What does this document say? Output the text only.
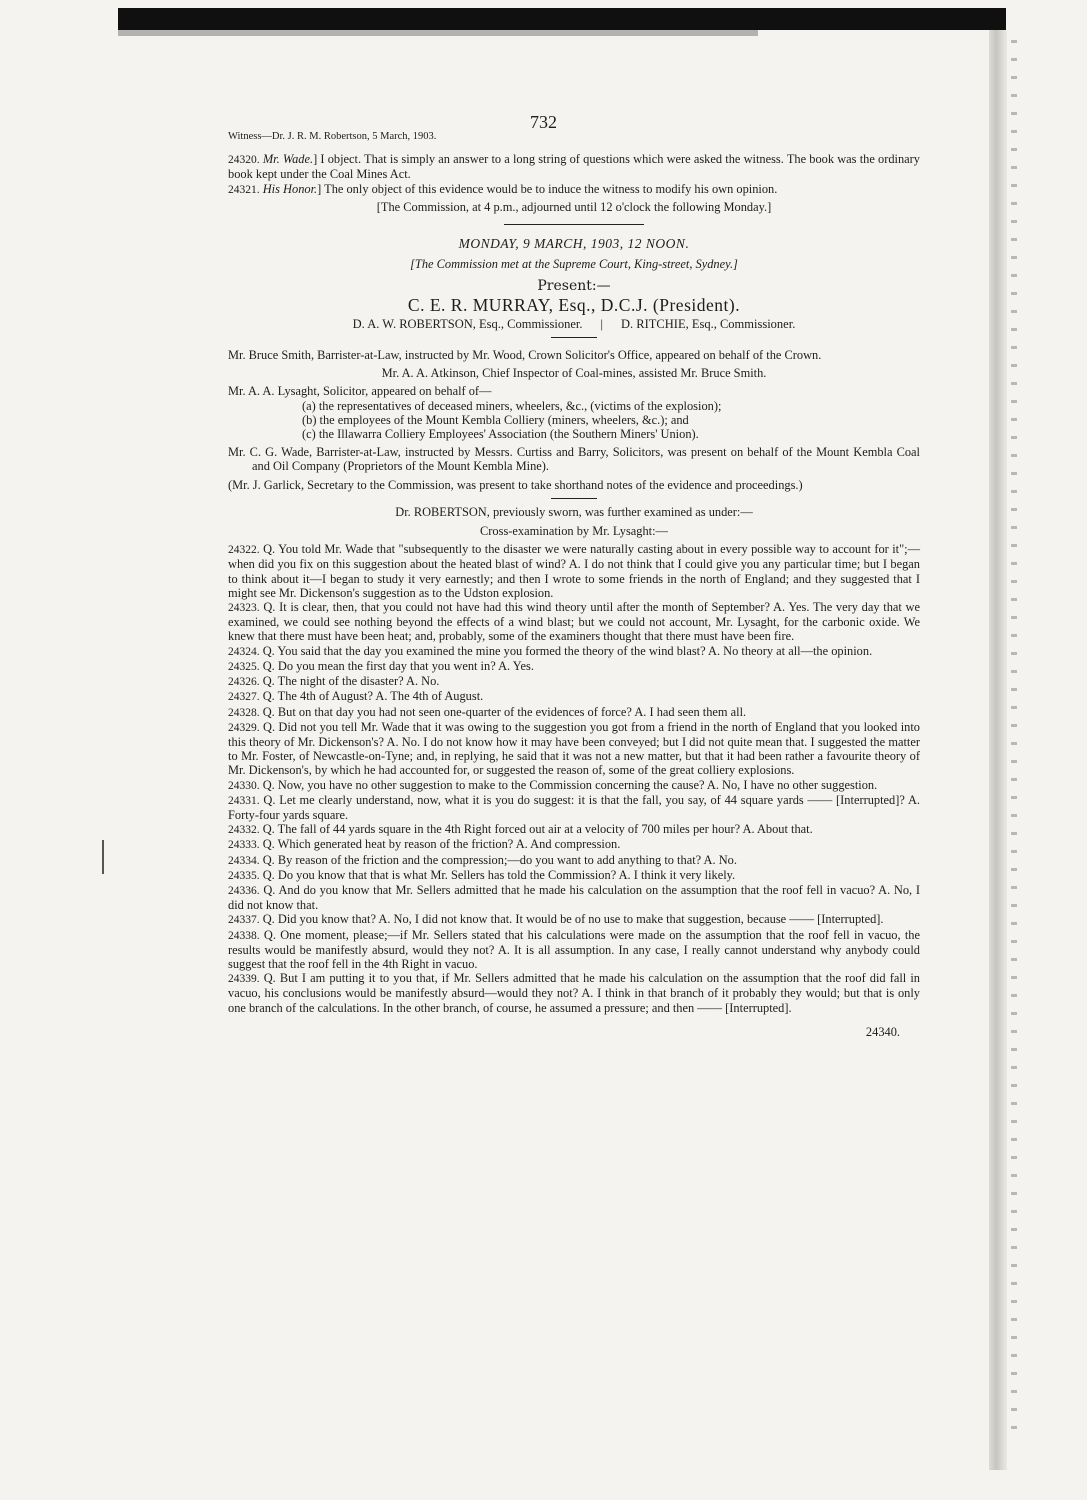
732
Witness—Dr. J. R. M. Robertson, 5 March, 1903.

24320. Mr. Wade.] I object. That is simply an answer to a long string of questions which were asked the witness. The book was the ordinary book kept under the Coal Mines Act.

24321. His Honor.] The only object of this evidence would be to induce the witness to modify his own opinion.

[The Commission, at 4 p.m., adjourned until 12 o'clock the following Monday.]

MONDAY, 9 MARCH, 1903, 12 NOON.
[The Commission met at the Supreme Court, King-street, Sydney.]
Present:—
C. E. R. MURRAY, Esq., D.C.J. (President).
D. A. W. ROBERTSON, Esq., Commissioner. | D. RITCHIE, Esq., Commissioner.

Mr. Bruce Smith, Barrister-at-Law, instructed by Mr. Wood, Crown Solicitor's Office, appeared on behalf of the Crown.

Mr. A. A. Atkinson, Chief Inspector of Coal-mines, assisted Mr. Bruce Smith.

Mr. A. A. Lysaght, Solicitor, appeared on behalf of—

(a) the representatives of deceased miners, wheelers, &c., (victims of the explosion);
(b) the employees of the Mount Kembla Colliery (miners, wheelers, &c.); and
(c) the Illawarra Colliery Employees' Association (the Southern Miners' Union).

Mr. C. G. Wade, Barrister-at-Law, instructed by Messrs. Curtiss and Barry, Solicitors, was present on behalf of the Mount Kembla Coal and Oil Company (Proprietors of the Mount Kembla Mine).

(Mr. J. Garlick, Secretary to the Commission, was present to take shorthand notes of the evidence and proceedings.)

Dr. ROBERTSON, previously sworn, was further examined as under:—
Cross-examination by Mr. Lysaght:—

24322. Q. You told Mr. Wade that "subsequently to the disaster we were naturally casting about in every possible way to account for it";—when did you fix on this suggestion about the heated blast of wind? A. I do not think that I could give you any particular time; but I began to think about it—I began to study it very earnestly; and then I wrote to some friends in the north of England; and they suggested that I might see Mr. Dickenson's suggestion as to the Udston explosion.

24323. Q. It is clear, then, that you could not have had this wind theory until after the month of September? A. Yes. The very day that we examined, we could see nothing beyond the effects of a wind blast; but we could not account, Mr. Lysaght, for the carbonic oxide. We knew that there must have been heat; and, probably, some of the examiners thought that there must have been fire.

24324. Q. You said that the day you examined the mine you formed the theory of the wind blast? A. No theory at all—the opinion.

24325. Q. Do you mean the first day that you went in? A. Yes.

24326. Q. The night of the disaster? A. No.

24327. Q. The 4th of August? A. The 4th of August.

24328. Q. But on that day you had not seen one-quarter of the evidences of force? A. I had seen them all.

24329. Q. Did not you tell Mr. Wade that it was owing to the suggestion you got from a friend in the north of England that you looked into this theory of Mr. Dickenson's? A. No. I do not know how it may have been conveyed; but I did not quite mean that. I suggested the matter to Mr. Foster, of Newcastle-on-Tyne; and, in replying, he said that it was not a new matter, but that it had been rather a favourite theory of Mr. Dickenson's, by which he had accounted for, or suggested the reason of, some of the great colliery explosions.

24330. Q. Now, you have no other suggestion to make to the Commission concerning the cause? A. No, I have no other suggestion.

24331. Q. Let me clearly understand, now, what it is you do suggest: it is that the fall, you say, of 44 square yards —— [Interrupted]? A. Forty-four yards square.

24332. Q. The fall of 44 yards square in the 4th Right forced out air at a velocity of 700 miles per hour? A. About that.

24333. Q. Which generated heat by reason of the friction? A. And compression.

24334. Q. By reason of the friction and the compression;—do you want to add anything to that? A. No.

24335. Q. Do you know that that is what Mr. Sellers has told the Commission? A. I think it very likely.

24336. Q. And do you know that Mr. Sellers admitted that he made his calculation on the assumption that the roof fell in vacuo? A. No, I did not know that.

24337. Q. Did you know that? A. No, I did not know that. It would be of no use to make that suggestion, because —— [Interrupted].

24338. Q. One moment, please;—if Mr. Sellers stated that his calculations were made on the assumption that the roof fell in vacuo, the results would be manifestly absurd, would they not? A. It is all assumption. In any case, I really cannot understand why anybody could suggest that the roof fell in the 4th Right in vacuo.

24339. Q. But I am putting it to you that, if Mr. Sellers admitted that he made his calculation on the assumption that the roof did fall in vacuo, his conclusions would be manifestly absurd—would they not? A. I think in that branch of it probably they would; but that is only one branch of the calculations. In the other branch, of course, he assumed a pressure; and then —— [Interrupted].

24340.
